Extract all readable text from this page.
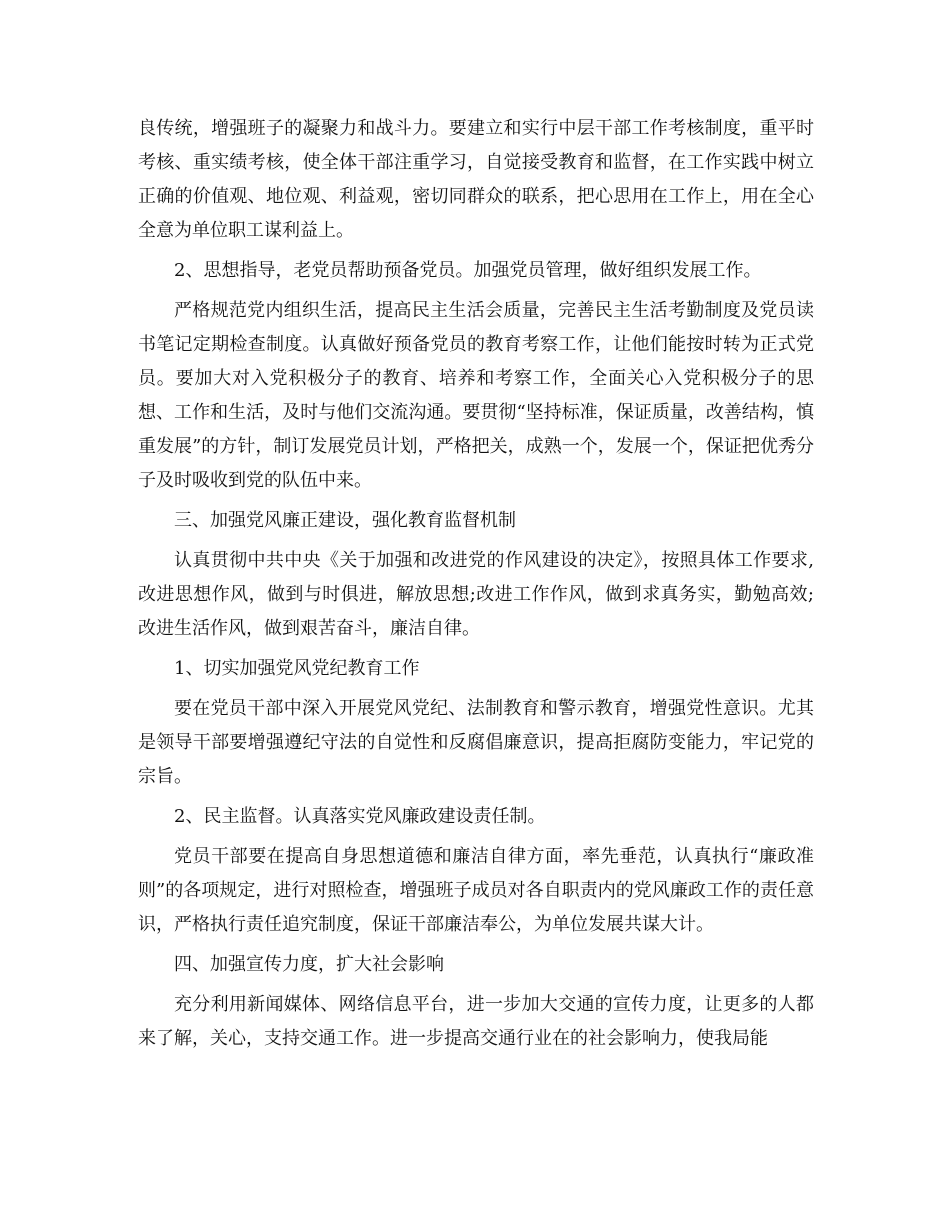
良传统，增强班子的凝聚力和战斗力。要建立和实行中层干部工作考核制度，重平时考核、重实绩考核，使全体干部注重学习，自觉接受教育和监督，在工作实践中树立正确的价值观、地位观、利益观，密切同群众的联系，把心思用在工作上，用在全心全意为单位职工谋利益上。

2、思想指导，老党员帮助预备党员。加强党员管理，做好组织发展工作。

严格规范党内组织生活，提高民主生活会质量，完善民主生活考勤制度及党员读书笔记定期检查制度。认真做好预备党员的教育考察工作，让他们能按时转为正式党员。要加大对入党积极分子的教育、培养和考察工作，全面关心入党积极分子的思想、工作和生活，及时与他们交流沟通。要贯彻“坚持标准，保证质量，改善结构，慎重发展”的方针，制订发展党员计划，严格把关，成熟一个，发展一个，保证把优秀分子及时吸收到党的队伍中来。

三、加强党风廉正建设，强化教育监督机制

认真贯彻中共中央《关于加强和改进党的作风建设的决定》，按照具体工作要求,改进思想作风，做到与时俱进，解放思想;改进工作作风，做到求真务实，勤勉高效;改进生活作风，做到艰苦奋斗，廉洁自律。

1、切实加强党风党纪教育工作

要在党员干部中深入开展党风党纪、法制教育和警示教育，增强党性意识。尤其是领导干部要增强遵纪守法的自觉性和反腐倡廉意识，提高拒腐防变能力，牢记党的宗旨。

2、民主监督。认真落实党风廉政建设责任制。

党员干部要在提高自身思想道德和廉洁自律方面，率先垂范，认真执行“廉政准则”的各项规定，进行对照检查，增强班子成员对各自职责内的党风廉政工作的责任意识，严格执行责任追究制度，保证干部廉洁奉公，为单位发展共谋大计。

四、加强宣传力度，扩大社会影响

充分利用新闻媒体、网络信息平台，进一步加大交通的宣传力度，让更多的人都来了解，关心，支持交通工作。进一步提高交通行业在的社会影响力，使我局能
